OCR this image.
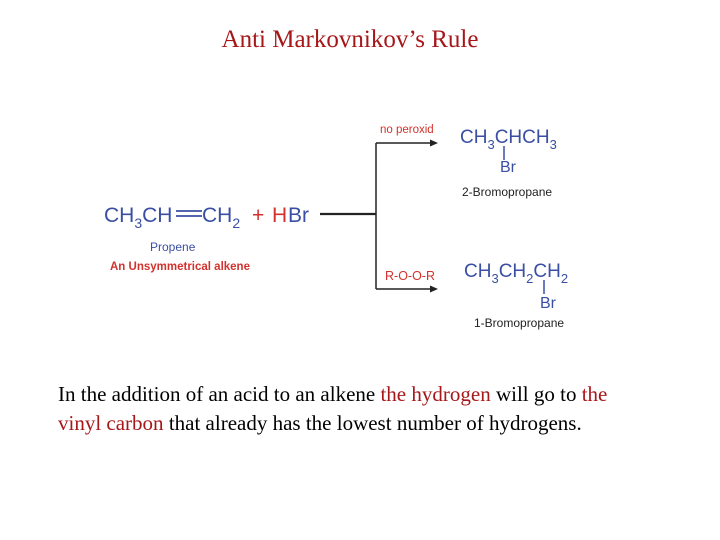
Anti Markovnikov’s Rule
$CH_3CH$ $CH_2 + H$ Br
Propene
An Unsymmetrical alkene
no peroxid $CH_3CHCH_3$
Br
2-Bromopropane
R-O-O-R $CH_3CH_2CH_2$
Br
1-Bromopropane
In the addition of an acid to an alkene the hydrogen will go to the vinyl carbon that already has the lowest number of hydrogens.
